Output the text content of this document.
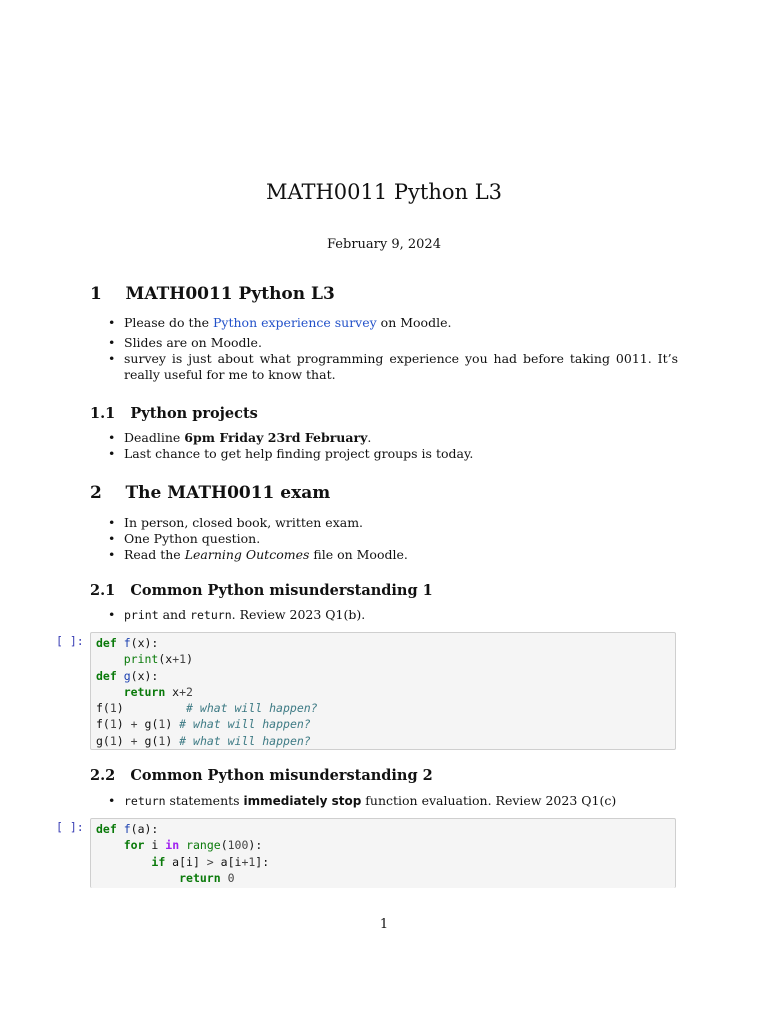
MATH0011 Python L3
February 9, 2024
1 MATH0011 Python L3
• Please do the Python experience survey on Moodle.
• Slides are on Moodle.
• survey is just about what programming experience you had before taking 0011. It’s really useful for me to know that.
1.1 Python projects
• Deadline 6pm Friday 23rd February.
• Last chance to get help finding project groups is today.
2 The MATH0011 exam
• In person, closed book, written exam.
• One Python question.
• Read the Learning Outcomes file on Moodle.
2.1 Common Python misunderstanding 1
• print and return. Review 2023 Q1(b).
[ ]:	def f(x):
print(x+1)
def g(x):
return x+2
f(1)         # what will happen?
f(1) + g(1) # what will happen?
g(1) + g(1) # what will happen?
2.2 Common Python misunderstanding 2
• return statements immediately stop function evaluation. Review 2023 Q1(c)
[ ]:	def f(a):
for i in range(100):
if a[i] > a[i+1]:
return 0
1
